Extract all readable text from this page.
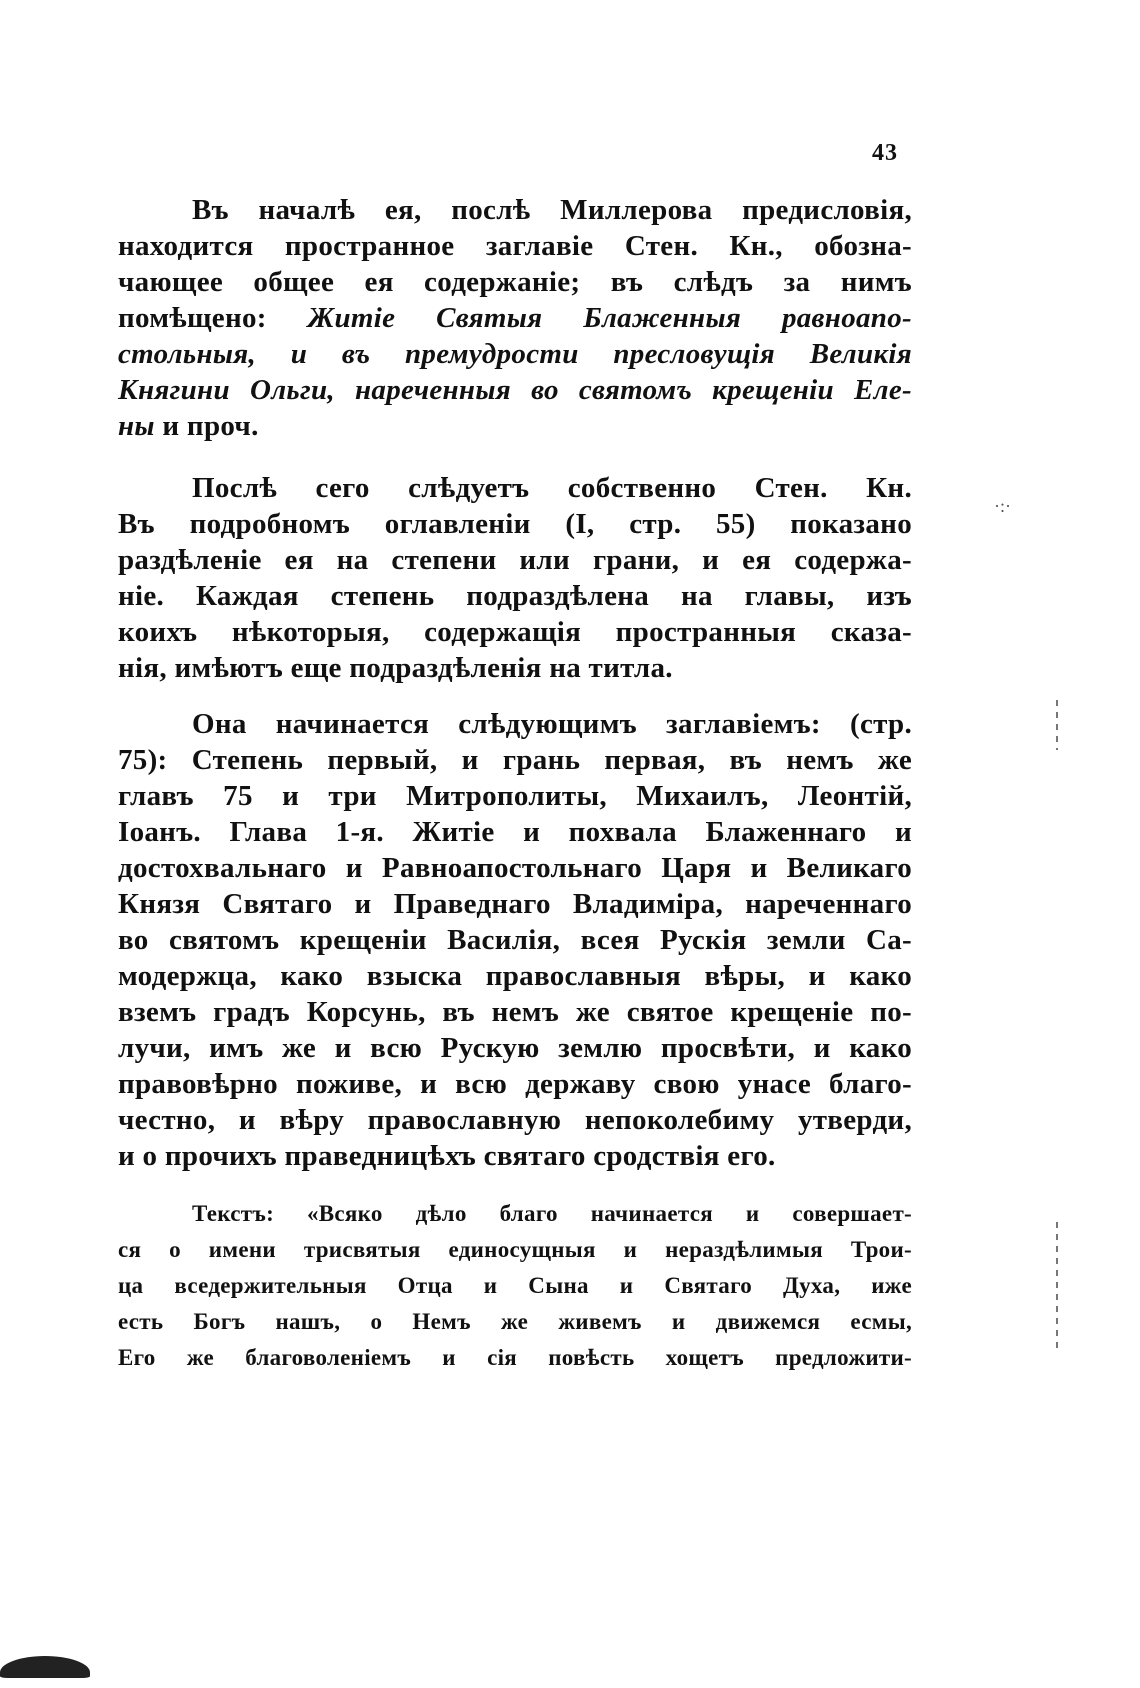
43
Въ началѣ ея, послѣ Миллерова предисловія,
находится пространное заглавіе Стен. Кн., обозна-
чающее общее ея содержаніе; въ слѣдъ за нимъ
помѣщено: Житіе Святыя Блаженныя равноапо-
стольныя, и въ премудрости пресловущія Великія
Княгини Ольги, нареченныя во святомъ крещеніи Еле-
ны и проч.
Послѣ сего слѣдуетъ собственно Стен. Кн.
Въ подробномъ оглавленіи (I, стр. 55) показано
раздѣленіе ея на степени или грани, и ея содержа-
ніе. Каждая степень подраздѣлена на главы, изъ
коихъ нѣкоторыя, содержащія пространныя сказа-
нія, имѣютъ еще подраздѣленія на титла.
Она начинается слѣдующимъ заглавіемъ: (стр.
75): Степень первый, и грань первая, въ немъ же
главъ 75 и три Митрополиты, Михаилъ, Леонтій,
Іоанъ. Глава 1-я. Житіе и похвала Блаженнаго и
достохвальнаго и Равноапостольнаго Царя и Великаго
Князя Святаго и Праведнаго Владиміра, нареченнаго
во святомъ крещеніи Василія, всея Рускія земли Са-
модержца, како взыска православныя вѣры, и како
вземъ градъ Корсунь, въ немъ же святое крещеніе по-
лучи, имъ же и всю Рускую землю просвѣти, и како
правовѣрно поживе, и всю державу свою унасе благо-
честно, и вѣру православную непоколебиму утверди,
и о прочихъ праведницѣхъ святаго сродствія его.
Текстъ: «Всяко дѣло благо начинается и совершает-
ся о имени трисвятыя единосущныя и нераздѣлимыя Трои-
ца вседержительныя Отца и Сына и Святаго Духа, иже
есть Богъ нашъ, о Немъ же живемъ и движемся есмы,
Его же благоволеніемъ и сія повѣсть хощетъ предложити-
·:·
